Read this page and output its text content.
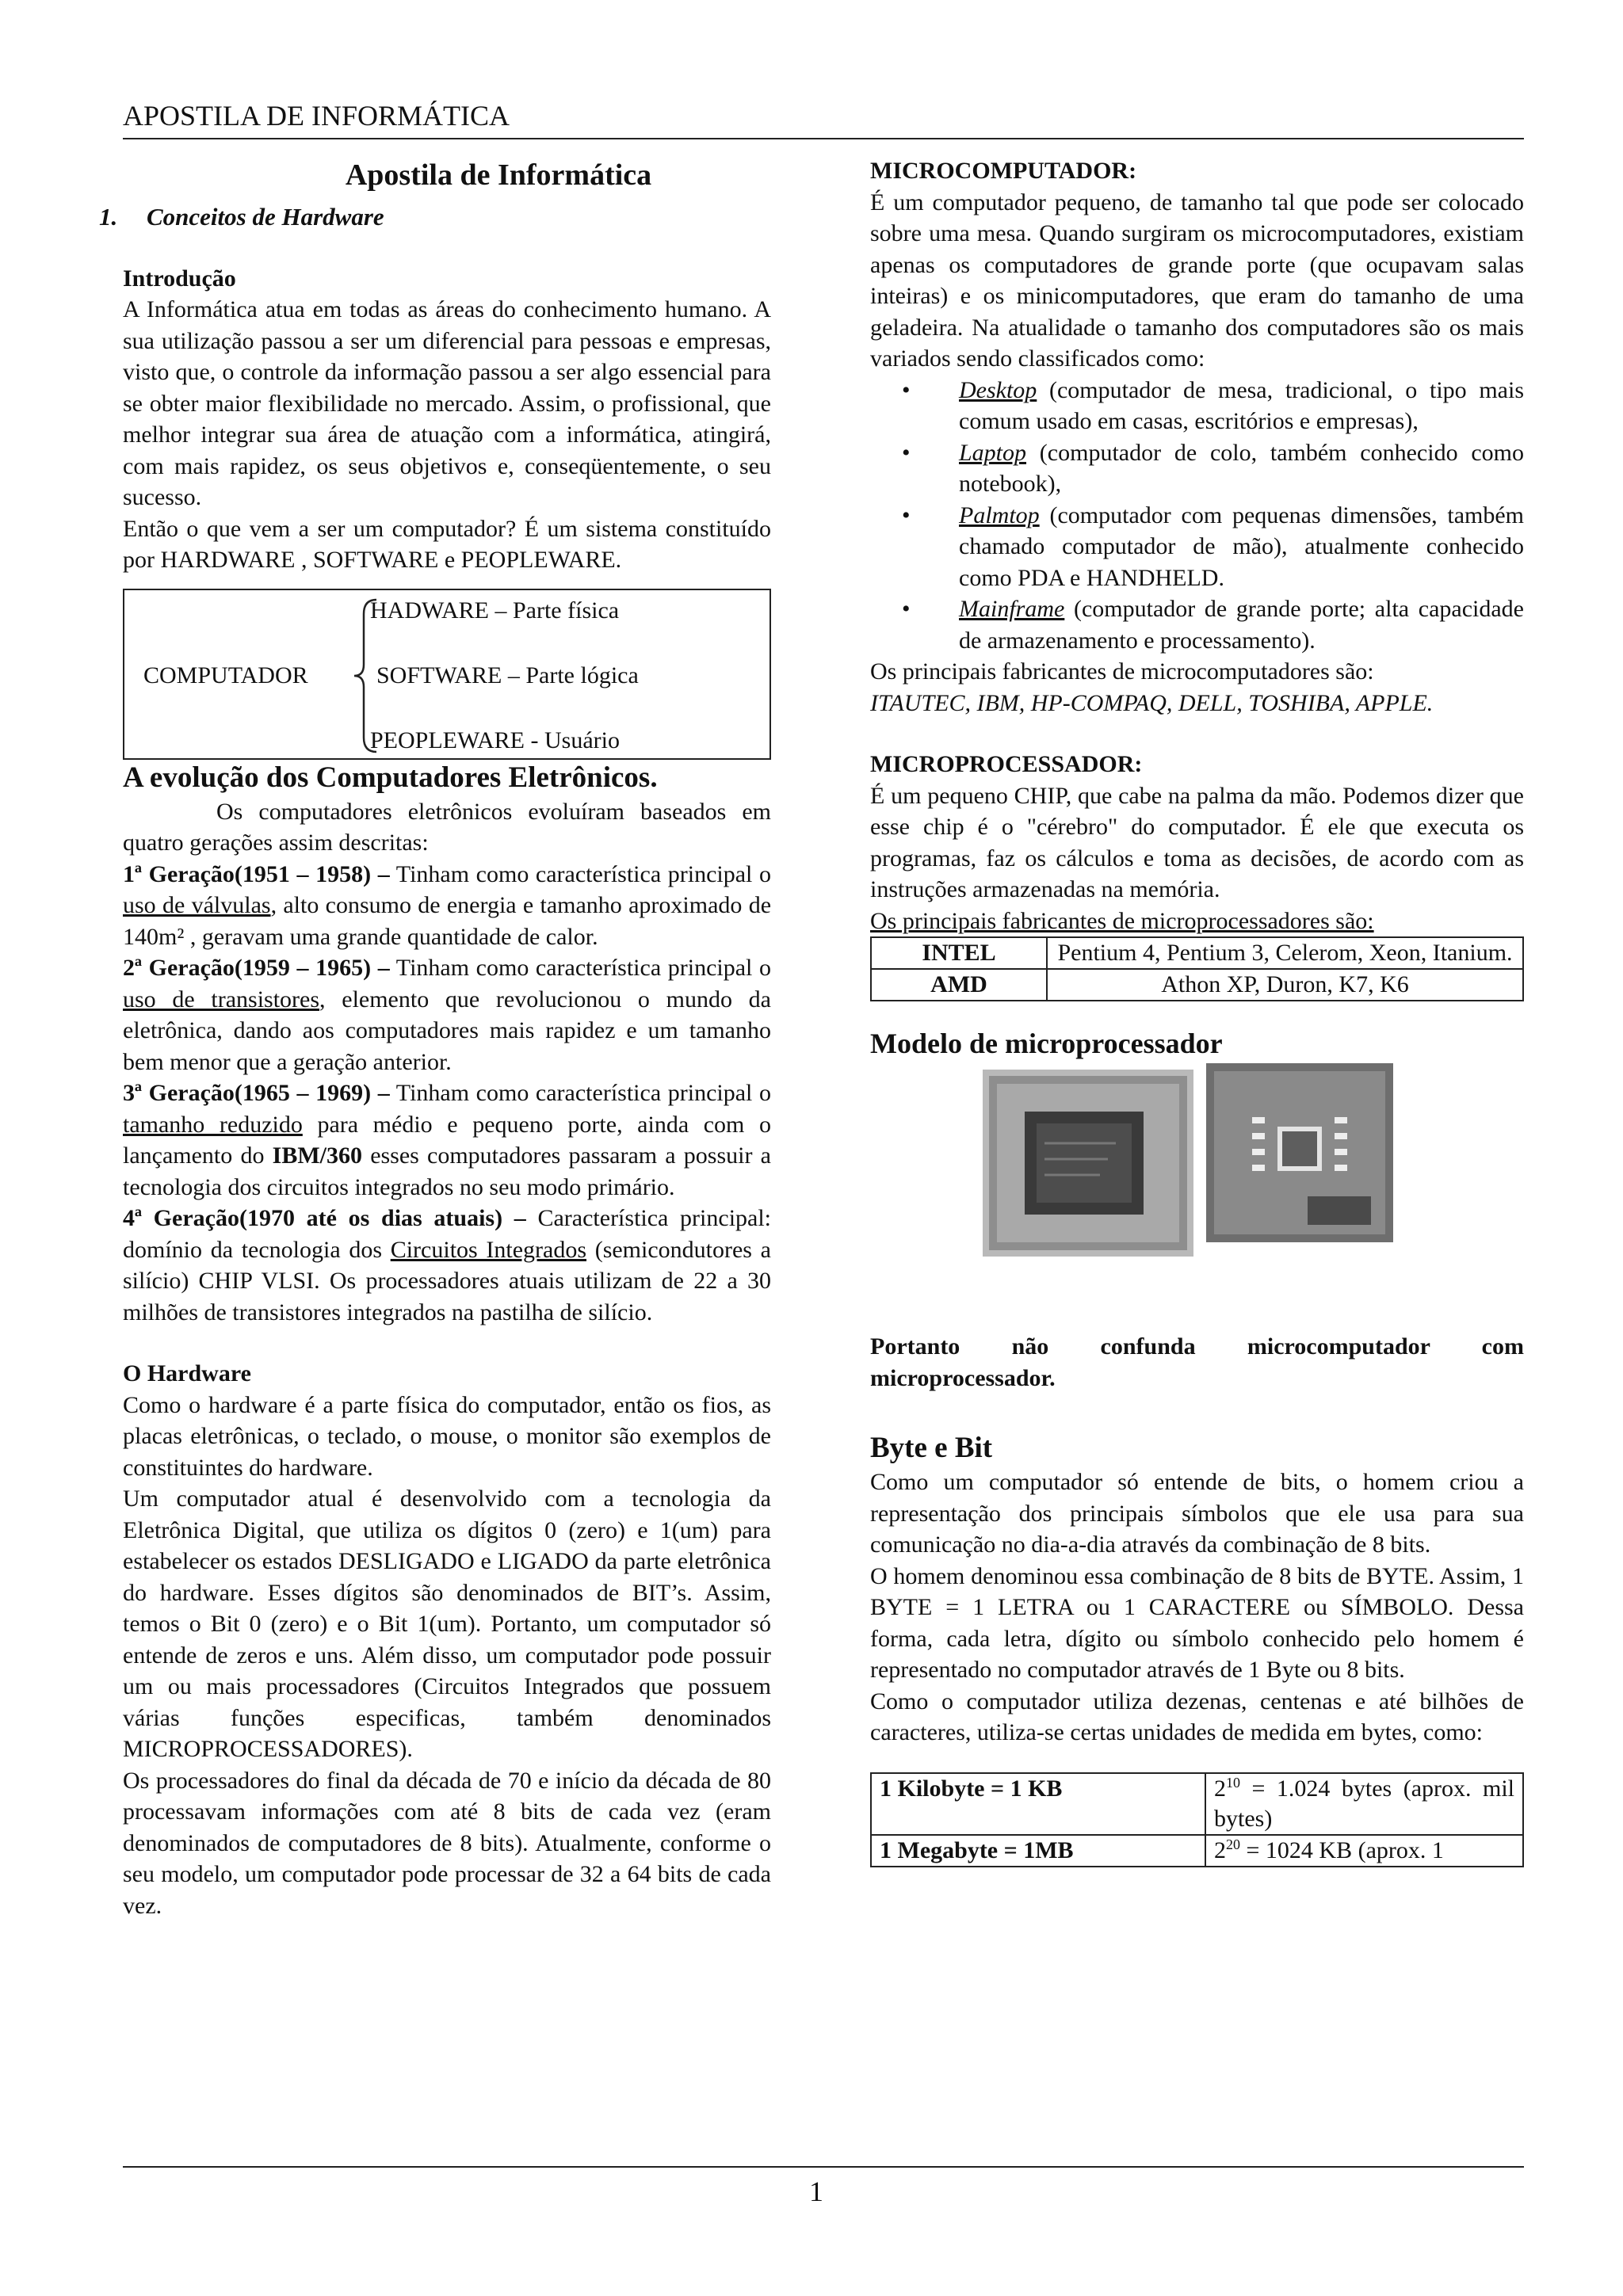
APOSTILA DE INFORMÁTICA
Apostila de Informática
1. Conceitos de Hardware
Introdução

A Informática atua em todas as áreas do conhecimento humano. A sua utilização passou a ser um diferencial para pessoas e empresas, visto que, o controle da informação passou a ser algo essencial para se obter maior flexibilidade no mercado. Assim, o profissional, que melhor integrar sua área de atuação com a informática, atingirá, com mais rapidez, os seus objetivos e, conseqüentemente, o seu sucesso.

Então o que vem a ser um computador? É um sistema constituído por HARDWARE , SOFTWARE e PEOPLEWARE.

COMPUTADOR
HADWARE – Parte física
SOFTWARE – Parte lógica
PEOPLEWARE - Usuário
A evolução dos Computadores Eletrônicos.

Os computadores eletrônicos evoluíram baseados em quatro gerações assim descritas:

1ª Geração(1951 – 1958) – Tinham como característica principal o uso de válvulas, alto consumo de energia e tamanho aproximado de 140m² , geravam uma grande quantidade de calor.

2ª Geração(1959 – 1965) – Tinham como característica principal o uso de transistores, elemento que revolucionou o mundo da eletrônica, dando aos computadores mais rapidez e um tamanho bem menor que a geração anterior.

3ª Geração(1965 – 1969) – Tinham como característica principal o tamanho reduzido para médio e pequeno porte, ainda com o lançamento do IBM/360 esses computadores passaram a possuir a tecnologia dos circuitos integrados no seu modo primário.

4ª Geração(1970 até os dias atuais) – Característica principal: domínio da tecnologia dos Circuitos Integrados (semicondutores a silício) CHIP VLSI. Os processadores atuais utilizam de 22 a 30 milhões de transistores integrados na pastilha de silício.

O Hardware

Como o hardware é a parte física do computador, então os fios, as placas eletrônicas, o teclado, o mouse, o monitor são exemplos de constituintes do hardware.

Um computador atual é desenvolvido com a tecnologia da Eletrônica Digital, que utiliza os dígitos 0 (zero) e 1(um) para estabelecer os estados DESLIGADO e LIGADO da parte eletrônica do hardware. Esses dígitos são denominados de BIT’s. Assim, temos o Bit 0 (zero) e o Bit 1(um). Portanto, um computador só entende de zeros e uns. Além disso, um computador pode possuir um ou mais processadores (Circuitos Integrados que possuem várias funções especificas, também denominados MICROPROCESSADORES).

Os processadores do final da década de 70 e início da década de 80 processavam informações com até 8 bits de cada vez (eram denominados de computadores de 8 bits). Atualmente, conforme o seu modelo, um computador pode processar de 32 a 64 bits de cada vez.

MICROCOMPUTADOR:

É um computador pequeno, de tamanho tal que pode ser colocado sobre uma mesa. Quando surgiram os microcomputadores, existiam apenas os computadores de grande porte (que ocupavam salas inteiras) e os minicomputadores, que eram do tamanho de uma geladeira. Na atualidade o tamanho dos computadores são os mais variados sendo classificados como:

• Desktop (computador de mesa, tradicional, o tipo mais comum usado em casas, escritórios e empresas),
• Laptop (computador de colo, também conhecido como notebook),
• Palmtop (computador com pequenas dimensões, também chamado computador de mão), atualmente conhecido como PDA e HANDHELD.
• Mainframe (computador de grande porte; alta capacidade de armazenamento e processamento).

Os principais fabricantes de microcomputadores são:

ITAUTEC, IBM, HP-COMPAQ, DELL, TOSHIBA, APPLE.

MICROPROCESSADOR:

É um pequeno CHIP, que cabe na palma da mão. Podemos dizer que esse chip é o "cérebro" do computador. É ele que executa os programas, faz os cálculos e toma as decisões, de acordo com as instruções armazenadas na memória.

Os principais fabricantes de microprocessadores são:

INTEL	Pentium 4, Pentium 3, Celerom, Xeon, Itanium.
AMD	Athon XP, Duron, K7, K6
Modelo de microprocessador

Portanto não confunda microcomputador com microprocessador.

Byte e Bit

Como um computador só entende de bits, o homem criou a representação dos principais símbolos que ele usa para sua comunicação no dia-a-dia através da combinação de 8 bits.

O homem denominou essa combinação de 8 bits de BYTE. Assim, 1 BYTE = 1 LETRA ou 1 CARACTERE ou SÍMBOLO. Dessa forma, cada letra, dígito ou símbolo conhecido pelo homem é representado no computador através de 1 Byte ou 8 bits.

Como o computador utiliza dezenas, centenas e até bilhões de caracteres, utiliza-se certas unidades de medida em bytes, como:

1 Kilobyte = 1 KB	$2^{10} = 1.024$ bytes (aprox. mil bytes)
1 Megabyte = 1MB	$2^{20} = 1024$ KB (aprox. 1
1
